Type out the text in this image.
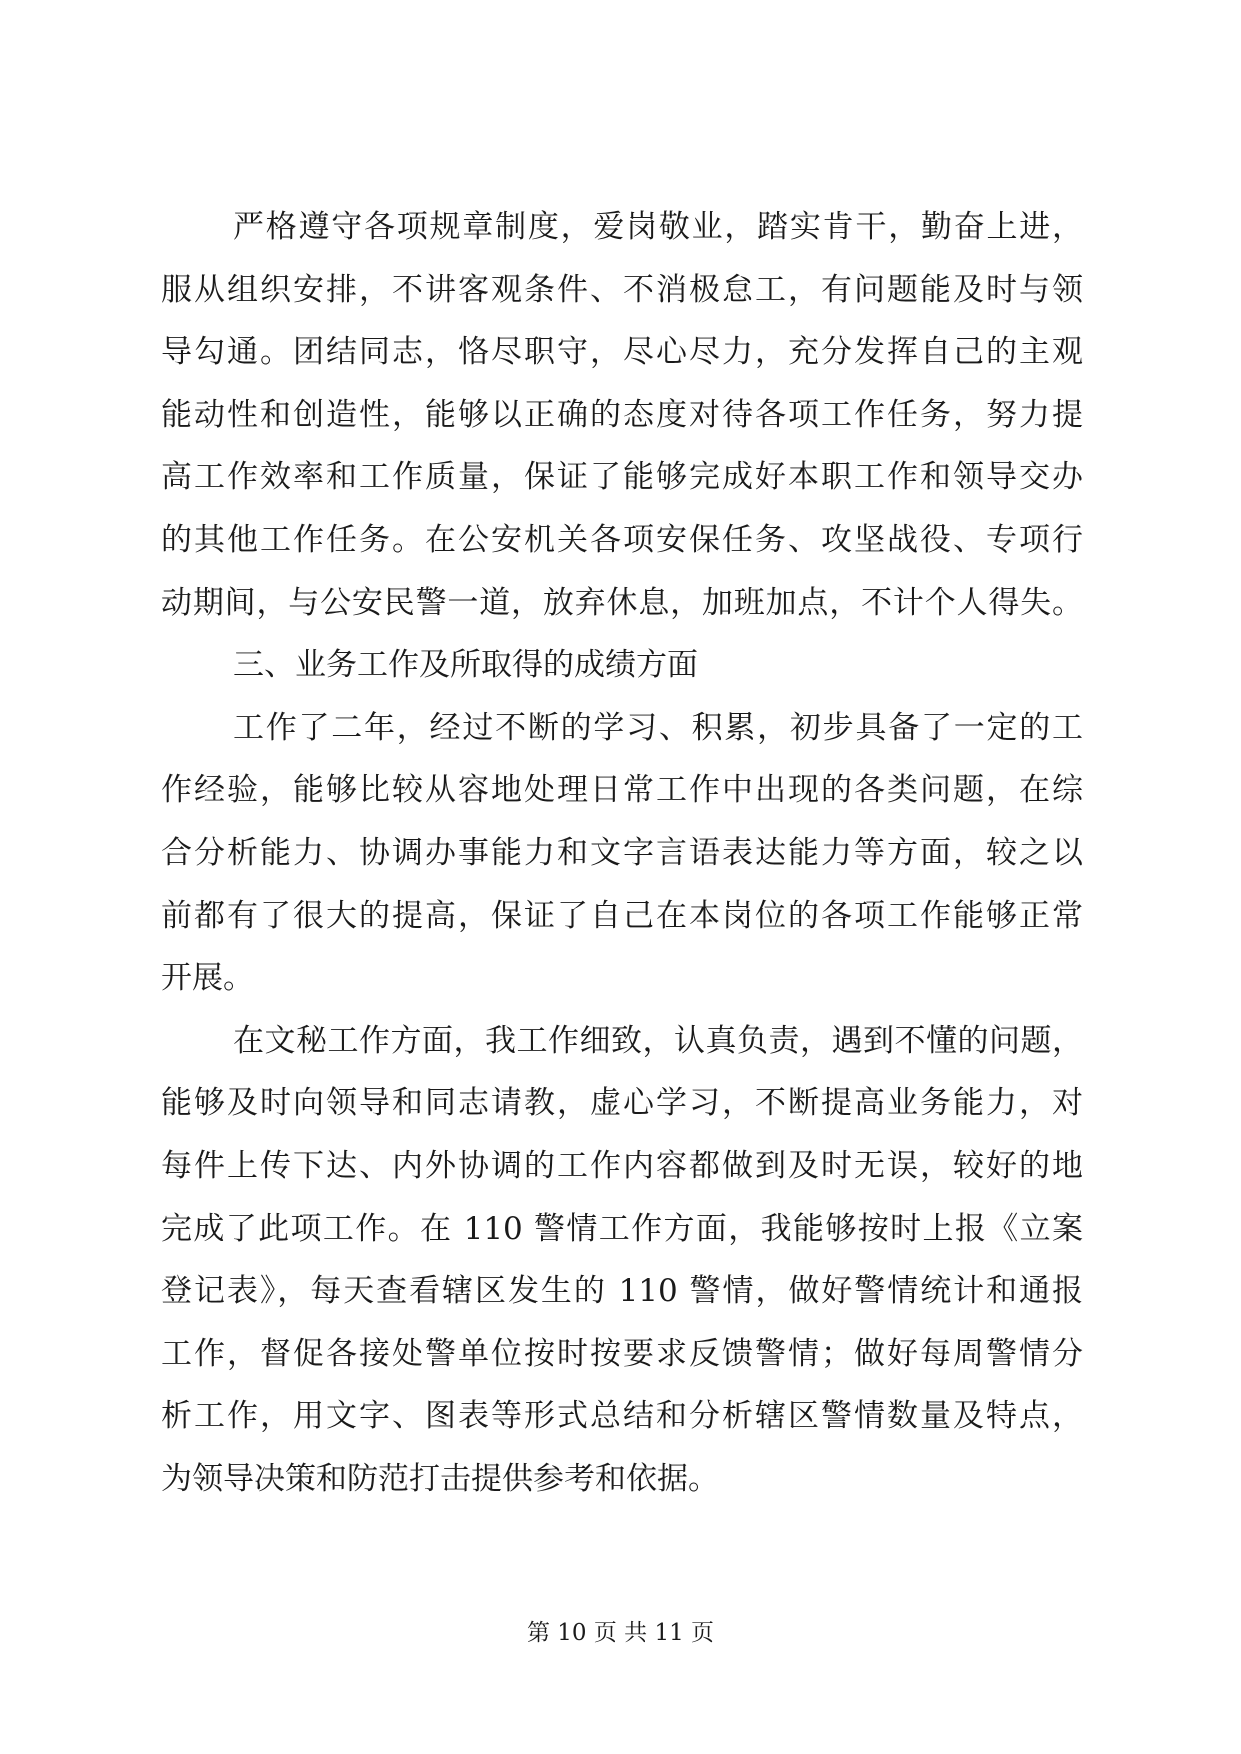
严格遵守各项规章制度，爱岗敬业，踏实肯干，勤奋上进，
服从组织安排，不讲客观条件、不消极怠工，有问题能及时与领
导勾通。团结同志，恪尽职守，尽心尽力，充分发挥自己的主观
能动性和创造性，能够以正确的态度对待各项工作任务，努力提
高工作效率和工作质量，保证了能够完成好本职工作和领导交办
的其他工作任务。在公安机关各项安保任务、攻坚战役、专项行
动期间，与公安民警一道，放弃休息，加班加点，不计个人得失。
三、业务工作及所取得的成绩方面
工作了二年，经过不断的学习、积累，初步具备了一定的工
作经验，能够比较从容地处理日常工作中出现的各类问题，在综
合分析能力、协调办事能力和文字言语表达能力等方面，较之以
前都有了很大的提高，保证了自己在本岗位的各项工作能够正常
开展。
在文秘工作方面，我工作细致，认真负责，遇到不懂的问题，
能够及时向领导和同志请教，虚心学习，不断提高业务能力，对
每件上传下达、内外协调的工作内容都做到及时无误，较好的地
完成了此项工作。在 110 警情工作方面，我能够按时上报《立案
登记表》，每天查看辖区发生的 110 警情，做好警情统计和通报
工作，督促各接处警单位按时按要求反馈警情；做好每周警情分
析工作，用文字、图表等形式总结和分析辖区警情数量及特点，
为领导决策和防范打击提供参考和依据。
第 10 页 共 11 页
